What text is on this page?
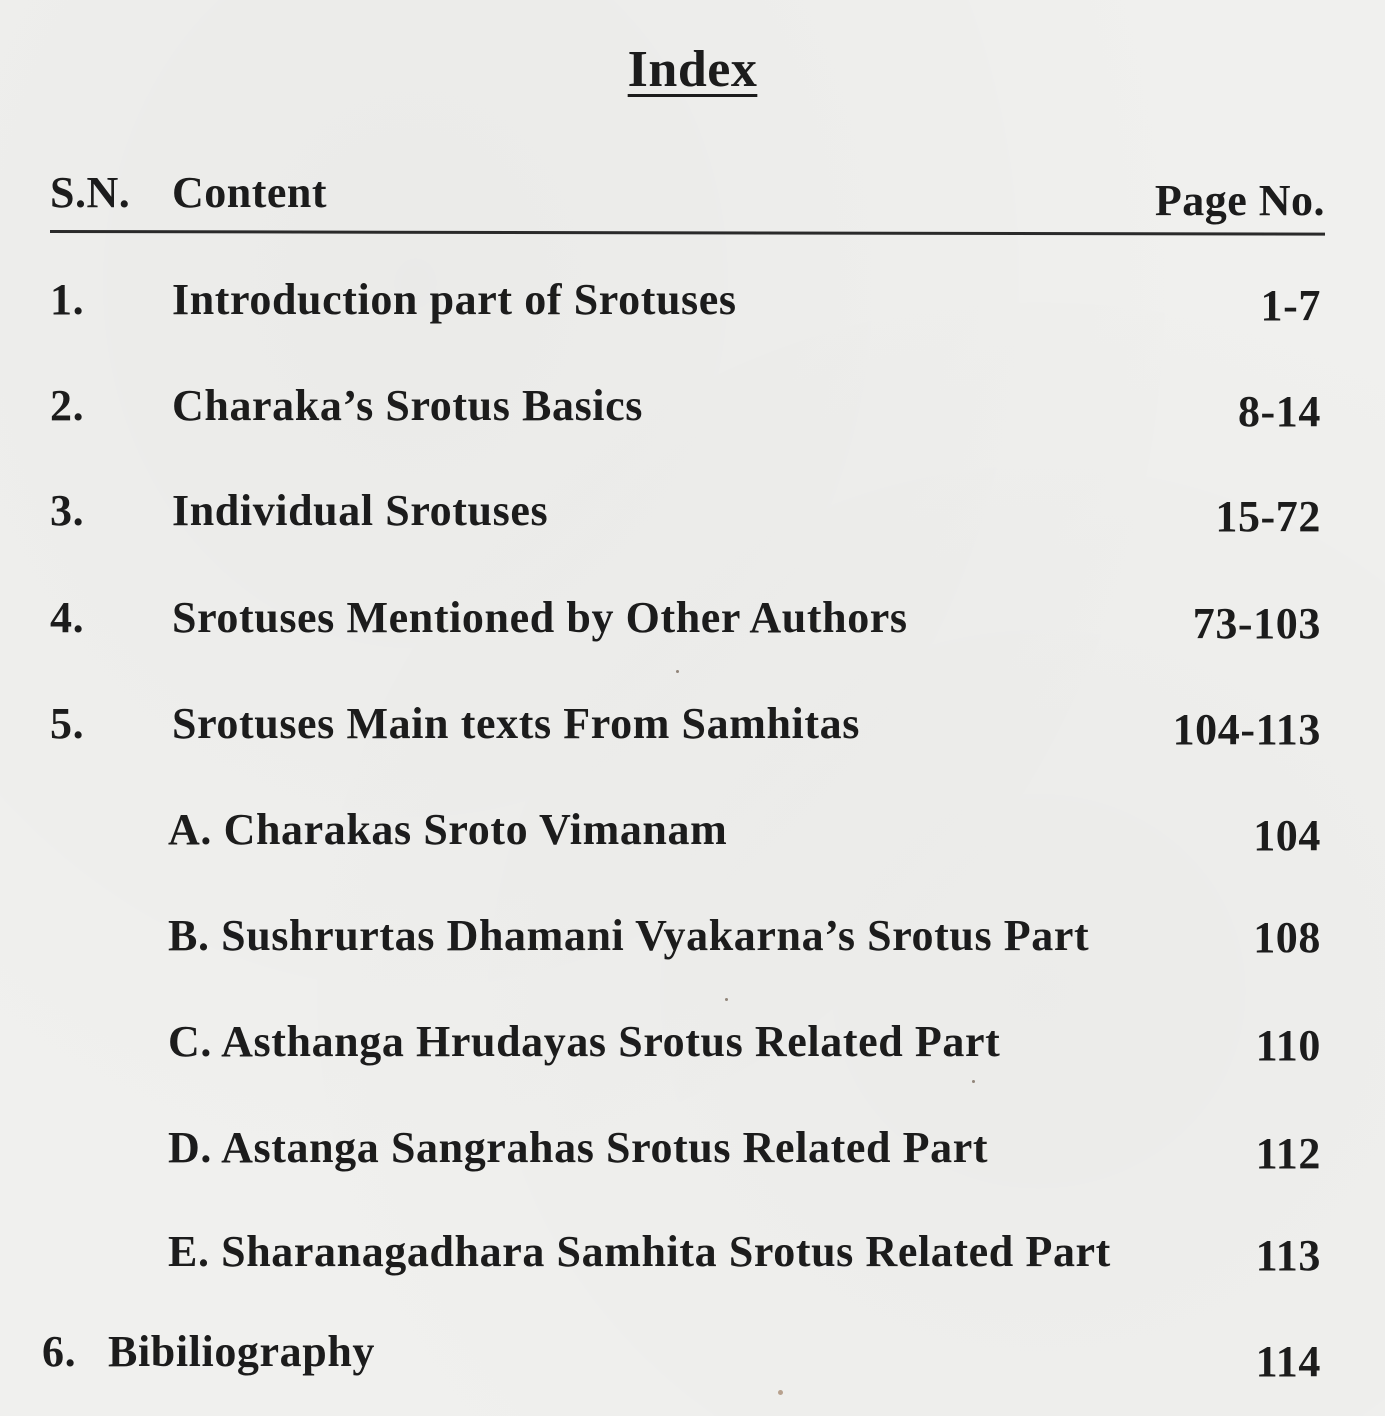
Index
S.N. Content	Page No.
1. Introduction part of Srotuses	1-7
2. Charaka’s Srotus Basics	8-14
3. Individual Srotuses	15-72
4. Srotuses Mentioned by Other Authors	73-103
5. Srotuses Main texts From Samhitas	104-113
A. Charakas Sroto Vimanam	104
B. Sushrurtas Dhamani Vyakarna’s Srotus Part	108
C. Asthanga Hrudayas Srotus Related Part	110
D. Astanga Sangrahas Srotus Related Part	112
E. Sharanagadhara Samhita Srotus Related Part	113
6. Bibiliography	114
